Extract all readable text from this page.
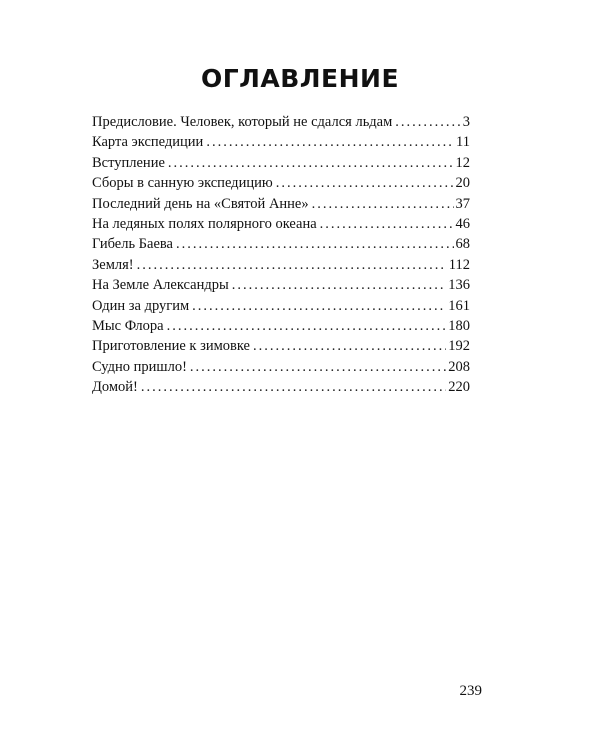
ОГЛАВЛЕНИЕ
Предисловие. Человек, который не сдался льдам .....	3
Карта экспедиции .....	11
Вступление .....	12
Сборы в санную экспедицию .....	20
Последний день на «Святой Анне» .....	37
На ледяных полях полярного океана .....	46
Гибель Баева .....	68
Земля! .....	112
На Земле Александры .....	136
Один за другим .....	161
Мыс Флора .....	180
Приготовление к зимовке .....	192
Судно пришло! .....	208
Домой! .....	220
239
